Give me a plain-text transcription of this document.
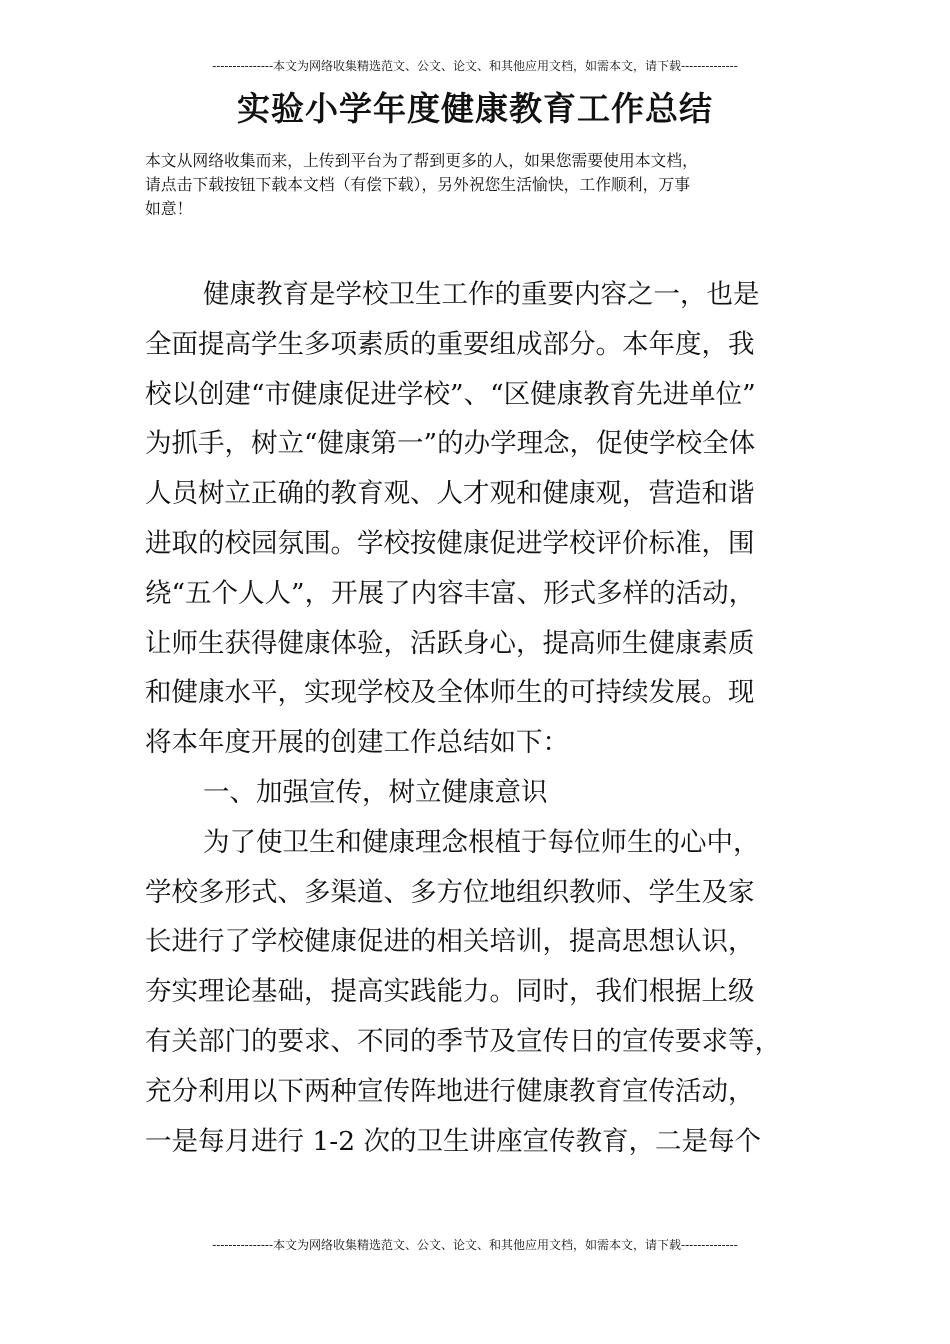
---------------本文为网络收集精选范文、公文、论文、和其他应用文档，如需本文，请下载--------------
实验小学年度健康教育工作总结
本文从网络收集而来，上传到平台为了帮到更多的人，如果您需要使用本文档，
请点击下载按钮下载本文档（有偿下载），另外祝您生活愉快，工作顺利，万事
如意！
健康教育是学校卫生工作的重要内容之一，也是
全面提高学生多项素质的重要组成部分。本年度，我
校以创建“市健康促进学校”、“区健康教育先进单位”
为抓手，树立“健康第一”的办学理念，促使学校全体
人员树立正确的教育观、人才观和健康观，营造和谐
进取的校园氛围。学校按健康促进学校评价标准，围
绕“五个人人”，开展了内容丰富、形式多样的活动，
让师生获得健康体验，活跃身心，提高师生健康素质
和健康水平，实现学校及全体师生的可持续发展。现
将本年度开展的创建工作总结如下：
一、加强宣传，树立健康意识
为了使卫生和健康理念根植于每位师生的心中，
学校多形式、多渠道、多方位地组织教师、学生及家
长进行了学校健康促进的相关培训，提高思想认识，
夯实理论基础，提高实践能力。同时，我们根据上级
有关部门的要求、不同的季节及宣传日的宣传要求等，
充分利用以下两种宣传阵地进行健康教育宣传活动，
一是每月进行 1-2 次的卫生讲座宣传教育，二是每个
---------------本文为网络收集精选范文、公文、论文、和其他应用文档，如需本文，请下载--------------
